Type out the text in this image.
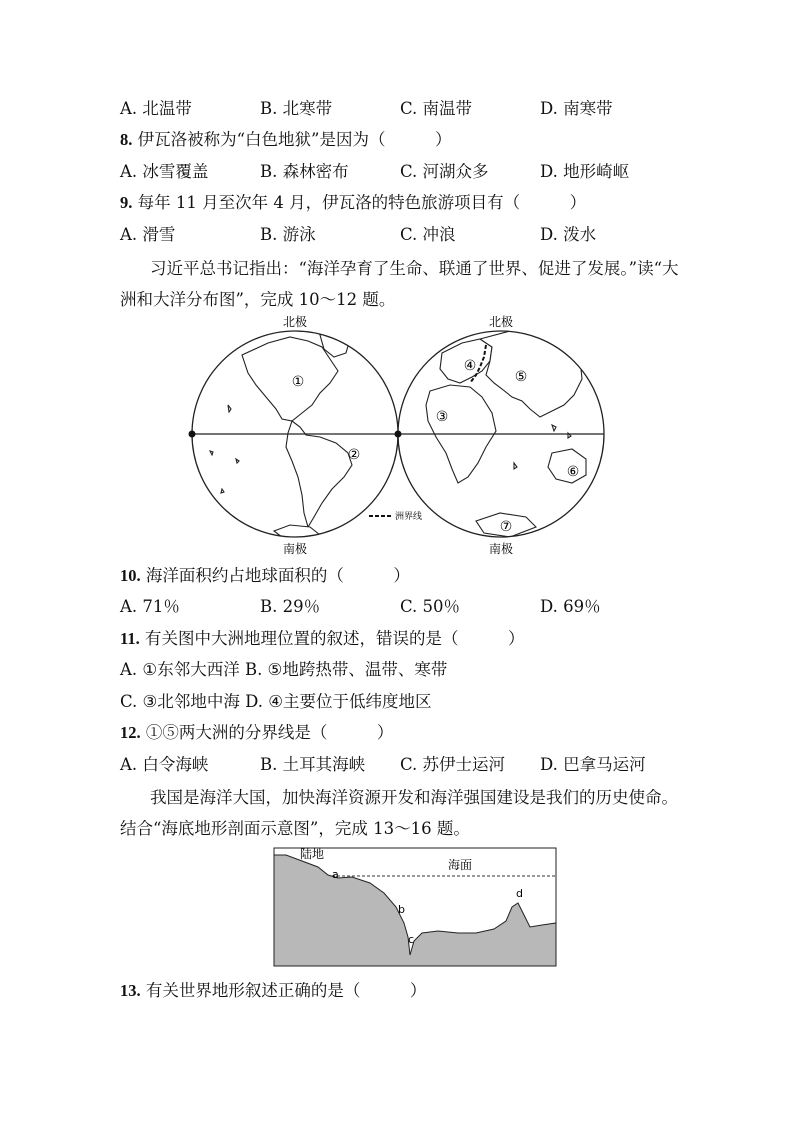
A. 北温带	B. 北寒带	C. 南温带	D. 南寒带
8. 伊瓦洛被称为“白色地狱”是因为（　　　）
A. 冰雪覆盖	B. 森林密布	C. 河湖众多	D. 地形崎岖
9. 每年 11 月至次年 4 月，伊瓦洛的特色旅游项目有（　　　）
A. 滑雪	B. 游泳	C. 冲浪	D. 泼水
习近平总书记指出：“海洋孕育了生命、联通了世界、促进了发展。”读“大洲和大洋分布图”，完成 10～12 题。
北极	北极
南极	南极
①
②
③
④
⑤
⑥
⑦
洲界线
10. 海洋面积约占地球面积的（　　　）
A. 71％	B. 29％	C. 50％	D. 69％
11. 有关图中大洲地理位置的叙述，错误的是（　　　）
A. ①东邻大西洋 B. ⑤地跨热带、温带、寒带
C. ③北邻地中海 D. ④主要位于低纬度地区
12. ①⑤两大洲的分界线是（　　　）
A. 白令海峡	B. 土耳其海峡 C. 苏伊士运河 D. 巴拿马运河
我国是海洋大国，加快海洋资源开发和海洋强国建设是我们的历史使命。结合“海底地形剖面示意图”，完成 13～16 题。
陆地
海面
a
b
c
d
13. 有关世界地形叙述正确的是（　　　）
